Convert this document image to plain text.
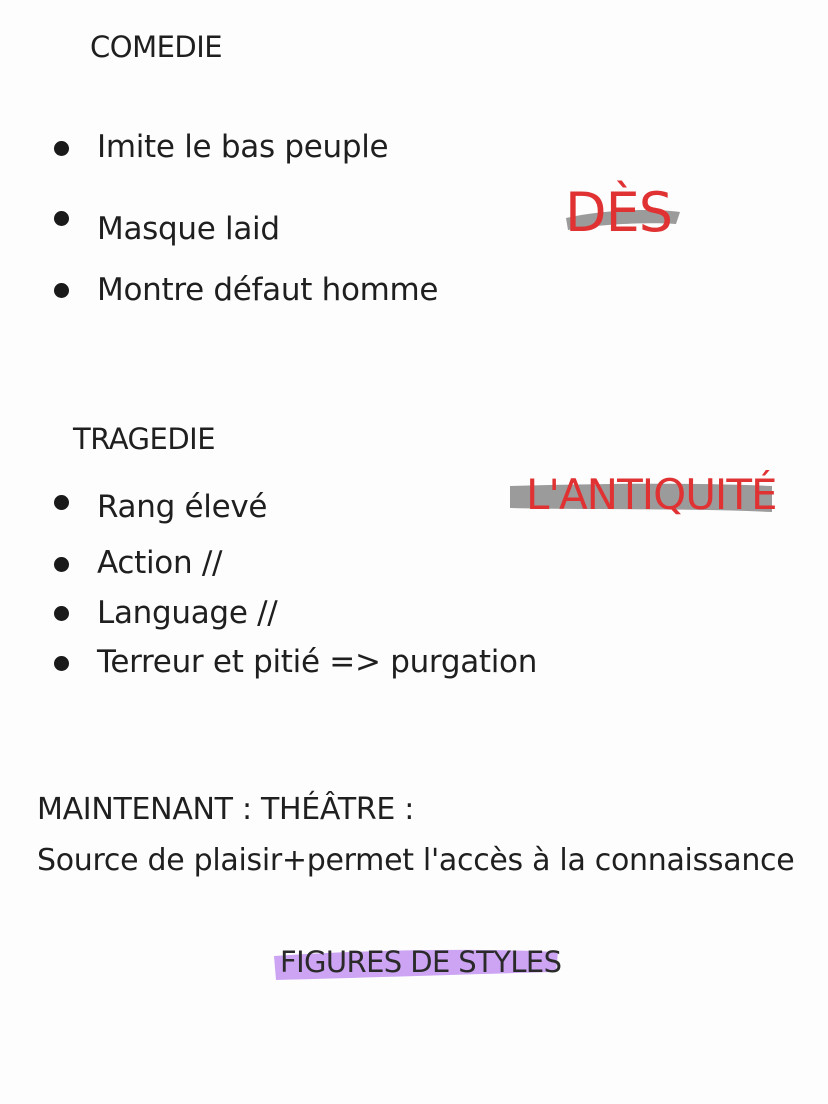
COMEDIE
Imite le bas peuple
Masque laid
Montre défaut homme
DÈS
TRAGEDIE
Rang élevé
Action //
Language //
Terreur et pitié => purgation
L'ANTIQUITÉ
MAINTENANT : THÉÂTRE :
Source de plaisir+permet l'accès à la connaissance
FIGURES DE STYLES
